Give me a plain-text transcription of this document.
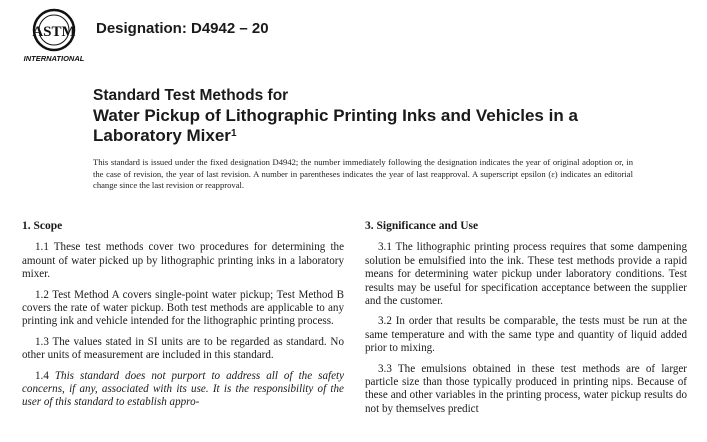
ASTM
INTERNATIONAL
Designation: D4942 – 20
Standard Test Methods for
Water Pickup of Lithographic Printing Inks and Vehicles in a
Laboratory Mixer$^1$
This standard is issued under the fixed designation D4942; the number immediately following the designation indicates the year of original adoption or, in the case of revision, the year of last revision. A number in parentheses indicates the year of last reapproval. A superscript epsilon (ε) indicates an editorial change since the last revision or reapproval.
1. Scope

1.1 These test methods cover two procedures for determining the amount of water picked up by lithographic printing inks in a laboratory mixer.

1.2 Test Method A covers single-point water pickup; Test Method B covers the rate of water pickup. Both test methods are applicable to any printing ink and vehicle intended for the lithographic printing process.

1.3 The values stated in SI units are to be regarded as standard. No other units of measurement are included in this standard.

1.4 This standard does not purport to address all of the safety concerns, if any, associated with its use. It is the responsibility of the user of this standard to establish appro-

3. Significance and Use

3.1 The lithographic printing process requires that some dampening solution be emulsified into the ink. These test methods provide a rapid means for determining water pickup under laboratory conditions. Test results may be useful for specification acceptance between the supplier and the customer.

3.2 In order that results be comparable, the tests must be run at the same temperature and with the same type and quantity of liquid added prior to mixing.

3.3 The emulsions obtained in these test methods are of larger particle size than those typically produced in printing nips. Because of these and other variables in the printing process, water pickup results do not by themselves predict
